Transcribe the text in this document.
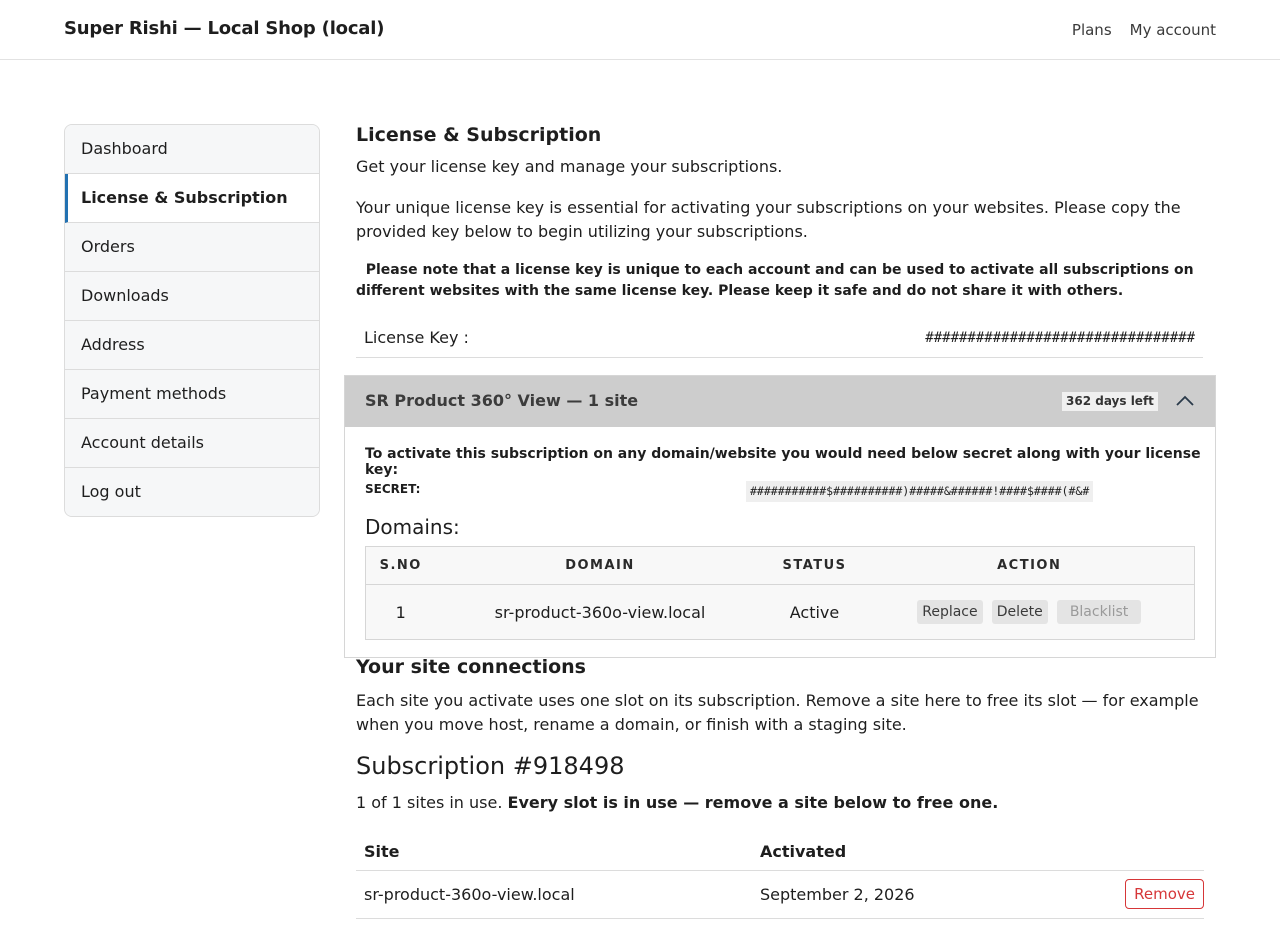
Super Rishi — Local Shop (local)	Plans My account
Dashboard
License & Subscription
Orders
Downloads
Address
Payment methods
Account details
Log out
License & Subscription
Get your license key and manage your subscriptions.
Your unique license key is essential for activating your subscriptions on your websites. Please copy the provided key below to begin utilizing your subscriptions.
Please note that a license key is unique to each account and can be used to activate all subscriptions on different websites with the same license key. Please keep it safe and do not share it with others.
License Key :	################################
SR Product 360° View — 1 site	362 days left
To activate this subscription on any domain/website you would need below secret along with your license key:
SECRET:	###########$##########)#####&######!####$####(#&#
Domains:
S.NO	DOMAIN	STATUS	ACTION
1	sr-product-360o-view.local	Active	Replace Delete Blacklist
Your site connections
Each site you activate uses one slot on its subscription. Remove a site here to free its slot — for example when you move host, rename a domain, or finish with a staging site.
Subscription #918498
1 of 1 sites in use. Every slot is in use — remove a site below to free one.
Site	Activated	
sr-product-360o-view.local	September 2, 2026	Remove
